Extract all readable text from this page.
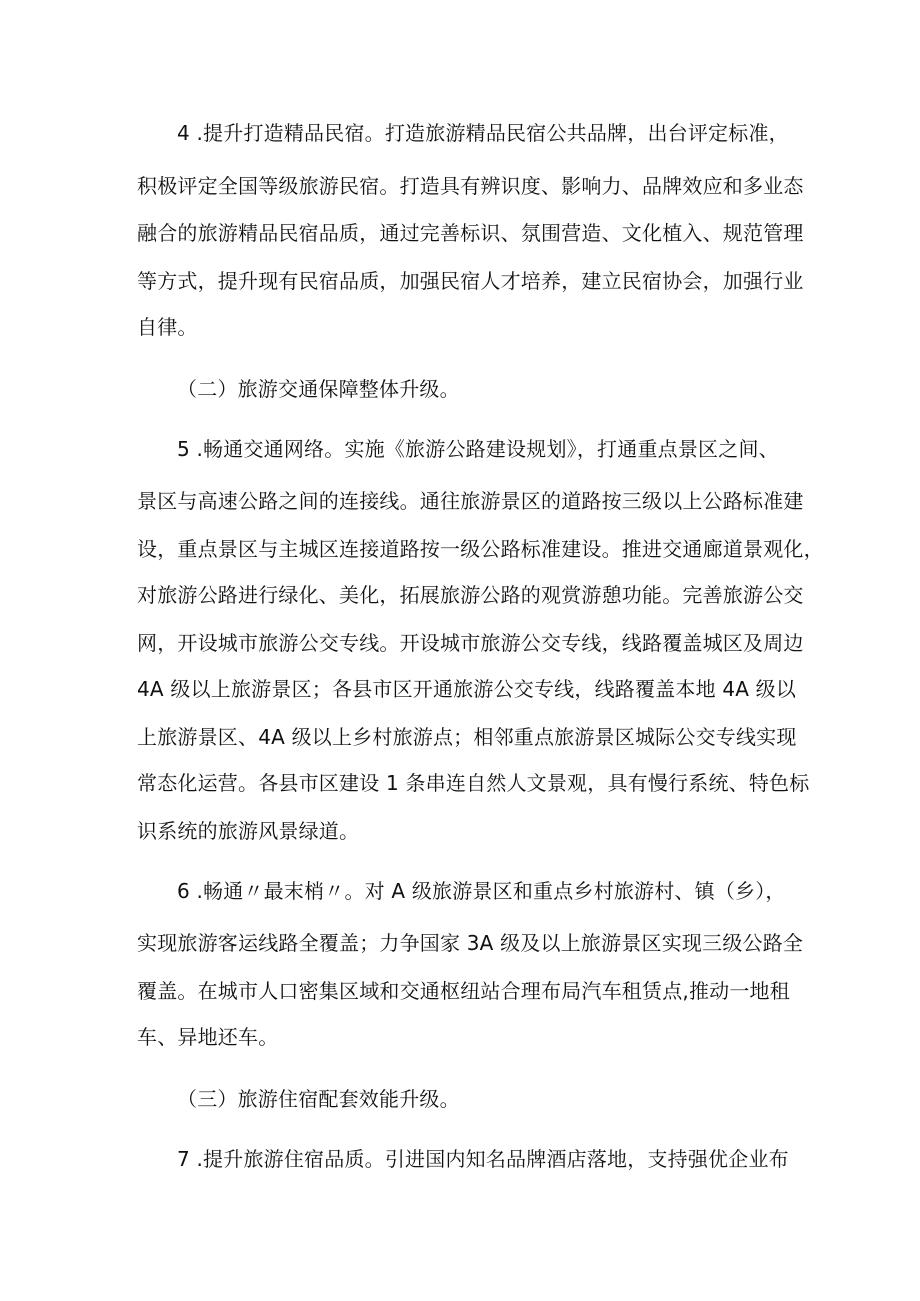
4 .提升打造精品民宿。打造旅游精品民宿公共品牌，出台评定标准，
积极评定全国等级旅游民宿。打造具有辨识度、影响力、品牌效应和多业态
融合的旅游精品民宿品质，通过完善标识、氛围营造、文化植入、规范管理
等方式，提升现有民宿品质，加强民宿人才培养，建立民宿协会，加强行业
自律。
（二）旅游交通保障整体升级。
5 .畅通交通网络。实施《旅游公路建设规划》，打通重点景区之间、
景区与高速公路之间的连接线。通往旅游景区的道路按三级以上公路标准建
设，重点景区与主城区连接道路按一级公路标准建设。推进交通廊道景观化，
对旅游公路进行绿化、美化，拓展旅游公路的观赏游憩功能。完善旅游公交
网，开设城市旅游公交专线。开设城市旅游公交专线，线路覆盖城区及周边
4A 级以上旅游景区；各县市区开通旅游公交专线，线路覆盖本地 4A 级以
上旅游景区、4A 级以上乡村旅游点；相邻重点旅游景区城际公交专线实现
常态化运营。各县市区建设 1 条串连自然人文景观，具有慢行系统、特色标
识系统的旅游风景绿道。
6 .畅通〃最末梢〃。对 A 级旅游景区和重点乡村旅游村、镇（乡），
实现旅游客运线路全覆盖；力争国家 3A 级及以上旅游景区实现三级公路全
覆盖。在城市人口密集区域和交通枢纽站合理布局汽车租赁点,推动一地租
车、异地还车。
（三）旅游住宿配套效能升级。
7 .提升旅游住宿品质。引进国内知名品牌酒店落地，支持强优企业布
